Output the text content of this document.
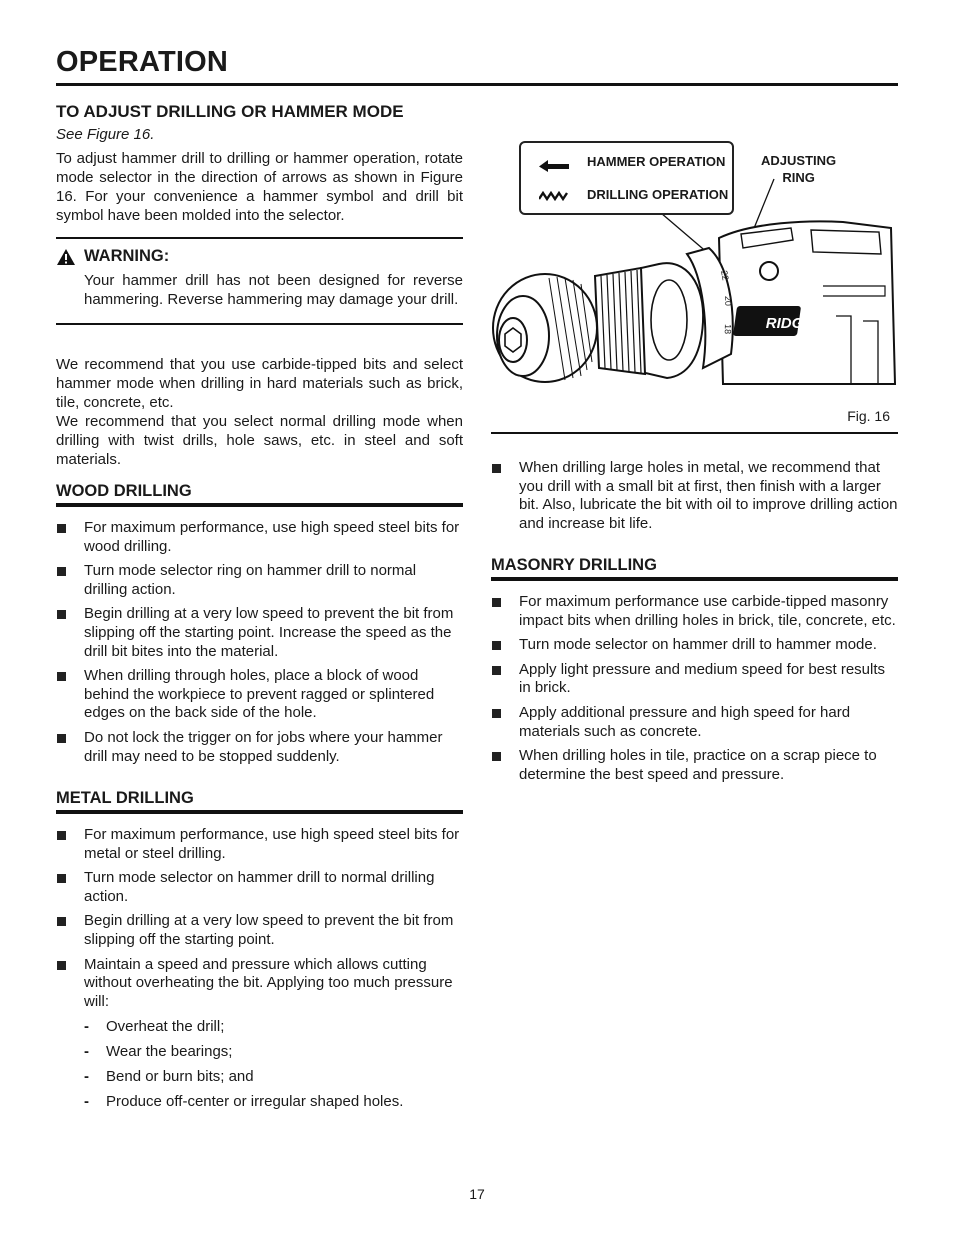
OPERATION
TO ADJUST DRILLING OR HAMMER MODE
See Figure 16.

To adjust hammer drill to drilling or hammer operation, rotate mode selector in the direction of arrows as shown in Figure 16. For your convenience a hammer symbol and drill bit symbol have been molded into the selector.

WARNING:

Your hammer drill has not been designed for reverse hammering. Reverse hammering may damage your drill.

We recommend that you use carbide-tipped bits and select hammer mode when drilling in hard materials such as brick, tile, concrete, etc.

We recommend that you select normal drilling mode when drilling with twist drills, hole saws, etc. in steel and soft materials.

WOOD DRILLING
For maximum performance, use high speed steel bits for wood drilling.
Turn mode selector ring on hammer drill to normal drilling action.
Begin drilling at a very low speed to prevent the bit from slipping off the starting point. Increase the speed as the drill bit bites into the material.
When drilling through holes, place a block of wood behind the workpiece to prevent ragged or splintered edges on the back side of the hole.
Do not lock the trigger on for jobs where your hammer drill may need to be stopped suddenly.
METAL DRILLING
For maximum performance, use high speed steel bits for metal or steel drilling.
Turn mode selector on hammer drill to normal drilling action.
Begin drilling at a very low speed to prevent the bit from slipping off the starting point.
Maintain a speed and pressure which allows cutting without overheating the bit. Applying too much pressure will:
- Overheat the drill;
- Wear the bearings;
- Bend or burn bits; and
- Produce off-center or irregular shaped holes.
RIDGID
22
20
18
HAMMER OPERATION
DRILLING OPERATION
ADJUSTING
RING
Fig. 16
When drilling large holes in metal, we recommend that you drill with a small bit at first, then finish with a larger bit. Also, lubricate the bit with oil to improve drilling action and increase bit life.
MASONRY DRILLING
For maximum performance use carbide-tipped masonry impact bits when drilling holes in brick, tile, concrete, etc.
Turn mode selector on hammer drill to hammer mode.
Apply light pressure and medium speed for best results in brick.
Apply additional pressure and high speed for hard materials such as concrete.
When drilling holes in tile, practice on a scrap piece to determine the best speed and pressure.
17
